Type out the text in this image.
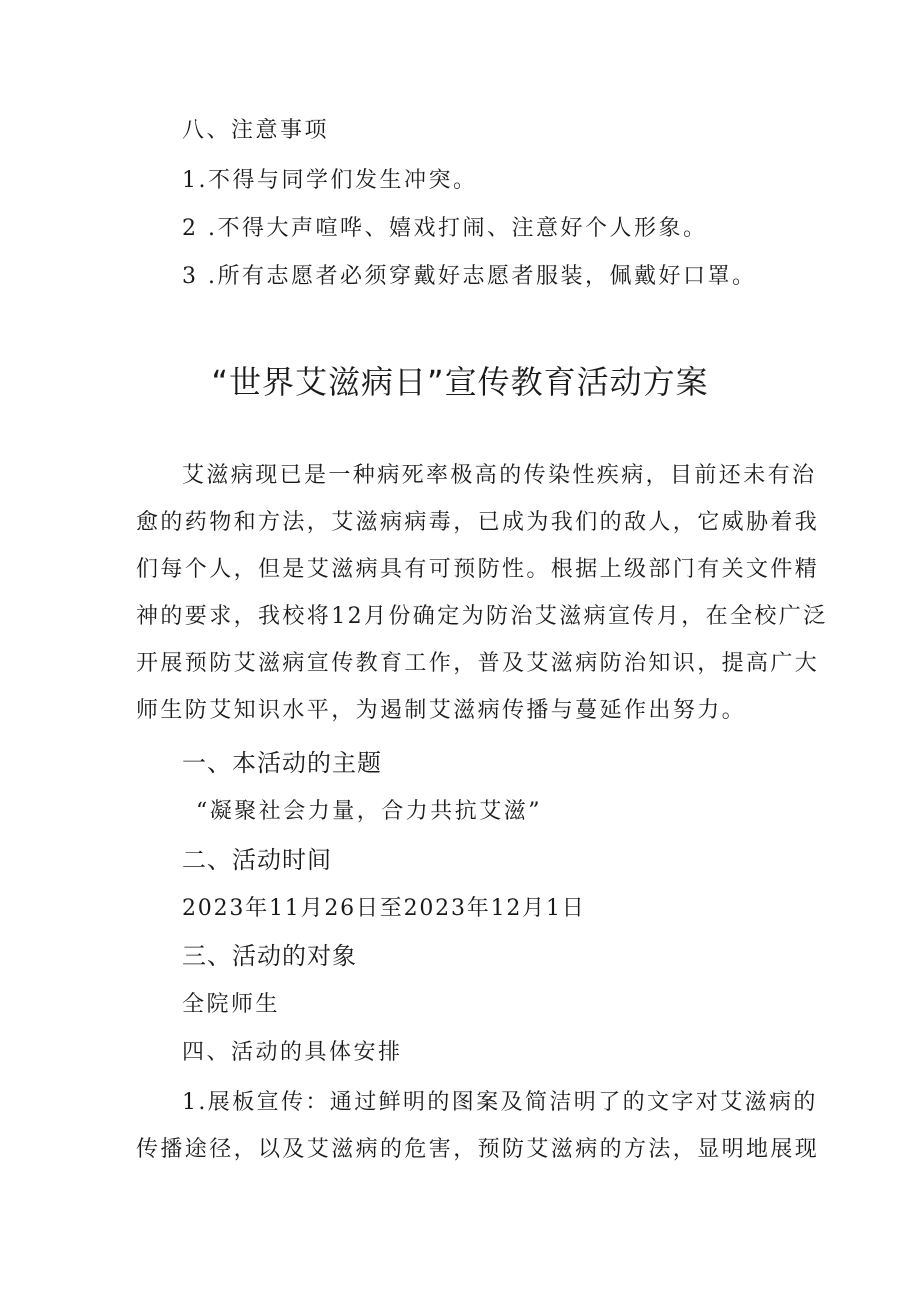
八、注意事项
1.不得与同学们发生冲突。
2 .不得大声喧哗、嬉戏打闹、注意好个人形象。
3 .所有志愿者必须穿戴好志愿者服装，佩戴好口罩。
“世界艾滋病日”宣传教育活动方案
艾滋病现已是一种病死率极高的传染性疾病，目前还未有治
愈的药物和方法，艾滋病病毒，已成为我们的敌人，它威胁着我
们每个人，但是艾滋病具有可预防性。根据上级部门有关文件精
神的要求，我校将12月份确定为防治艾滋病宣传月，在全校广泛
开展预防艾滋病宣传教育工作，普及艾滋病防治知识，提高广大
师生防艾知识水平，为遏制艾滋病传播与蔓延作出努力。
一、本活动的主题
“凝聚社会力量，合力共抗艾滋”
二、活动时间
2023年11月26日至2023年12月1日
三、活动的对象
全院师生
四、活动的具体安排
1.展板宣传：通过鲜明的图案及简洁明了的文字对艾滋病的
传播途径，以及艾滋病的危害，预防艾滋病的方法，显明地展现
